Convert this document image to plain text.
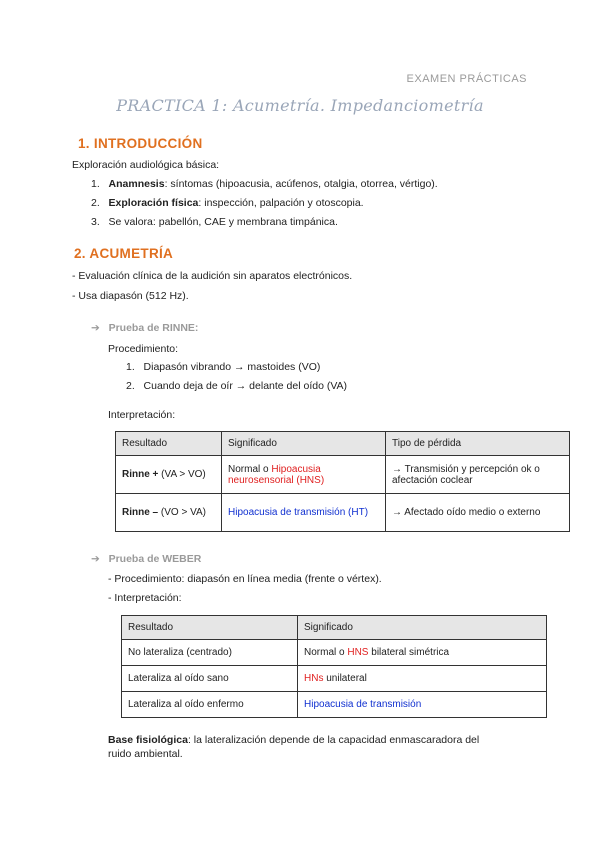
EXAMEN PRÁCTICAS
PRACTICA 1: Acumetría. Impedanciometría
1. INTRODUCCIÓN
Exploración audiológica básica:
1. Anamnesis: síntomas (hipoacusia, acúfenos, otalgia, otorrea, vértigo).
2. Exploración física: inspección, palpación y otoscopia.
3. Se valora: pabellón, CAE y membrana timpánica.
2. ACUMETRÍA
- Evaluación clínica de la audición sin aparatos electrónicos.
- Usa diapasón (512 Hz).
➔ Prueba de RINNE:
Procedimiento:
1. Diapasón vibrando → mastoides (VO)
2. Cuando deja de oír → delante del oído (VA)
Interpretación:
Resultado	Significado	Tipo de pérdida
Rinne + (VA > VO)	Normal o Hipoacusia neurosensorial (HNS)	→ Transmisión y percepción ok o afectación coclear
Rinne – (VO > VA)	Hipoacusia de transmisión (HT)	→ Afectado oído medio o externo
➔ Prueba de WEBER
- Procedimiento: diapasón en línea media (frente o vértex).
- Interpretación:
Resultado	Significado
No lateraliza (centrado)	Normal o HNS bilateral simétrica
Lateraliza al oído sano	HNs unilateral
Lateraliza al oído enfermo	Hipoacusia de transmisión
Base fisiológica: la lateralización depende de la capacidad enmascaradora del
ruido ambiental.
